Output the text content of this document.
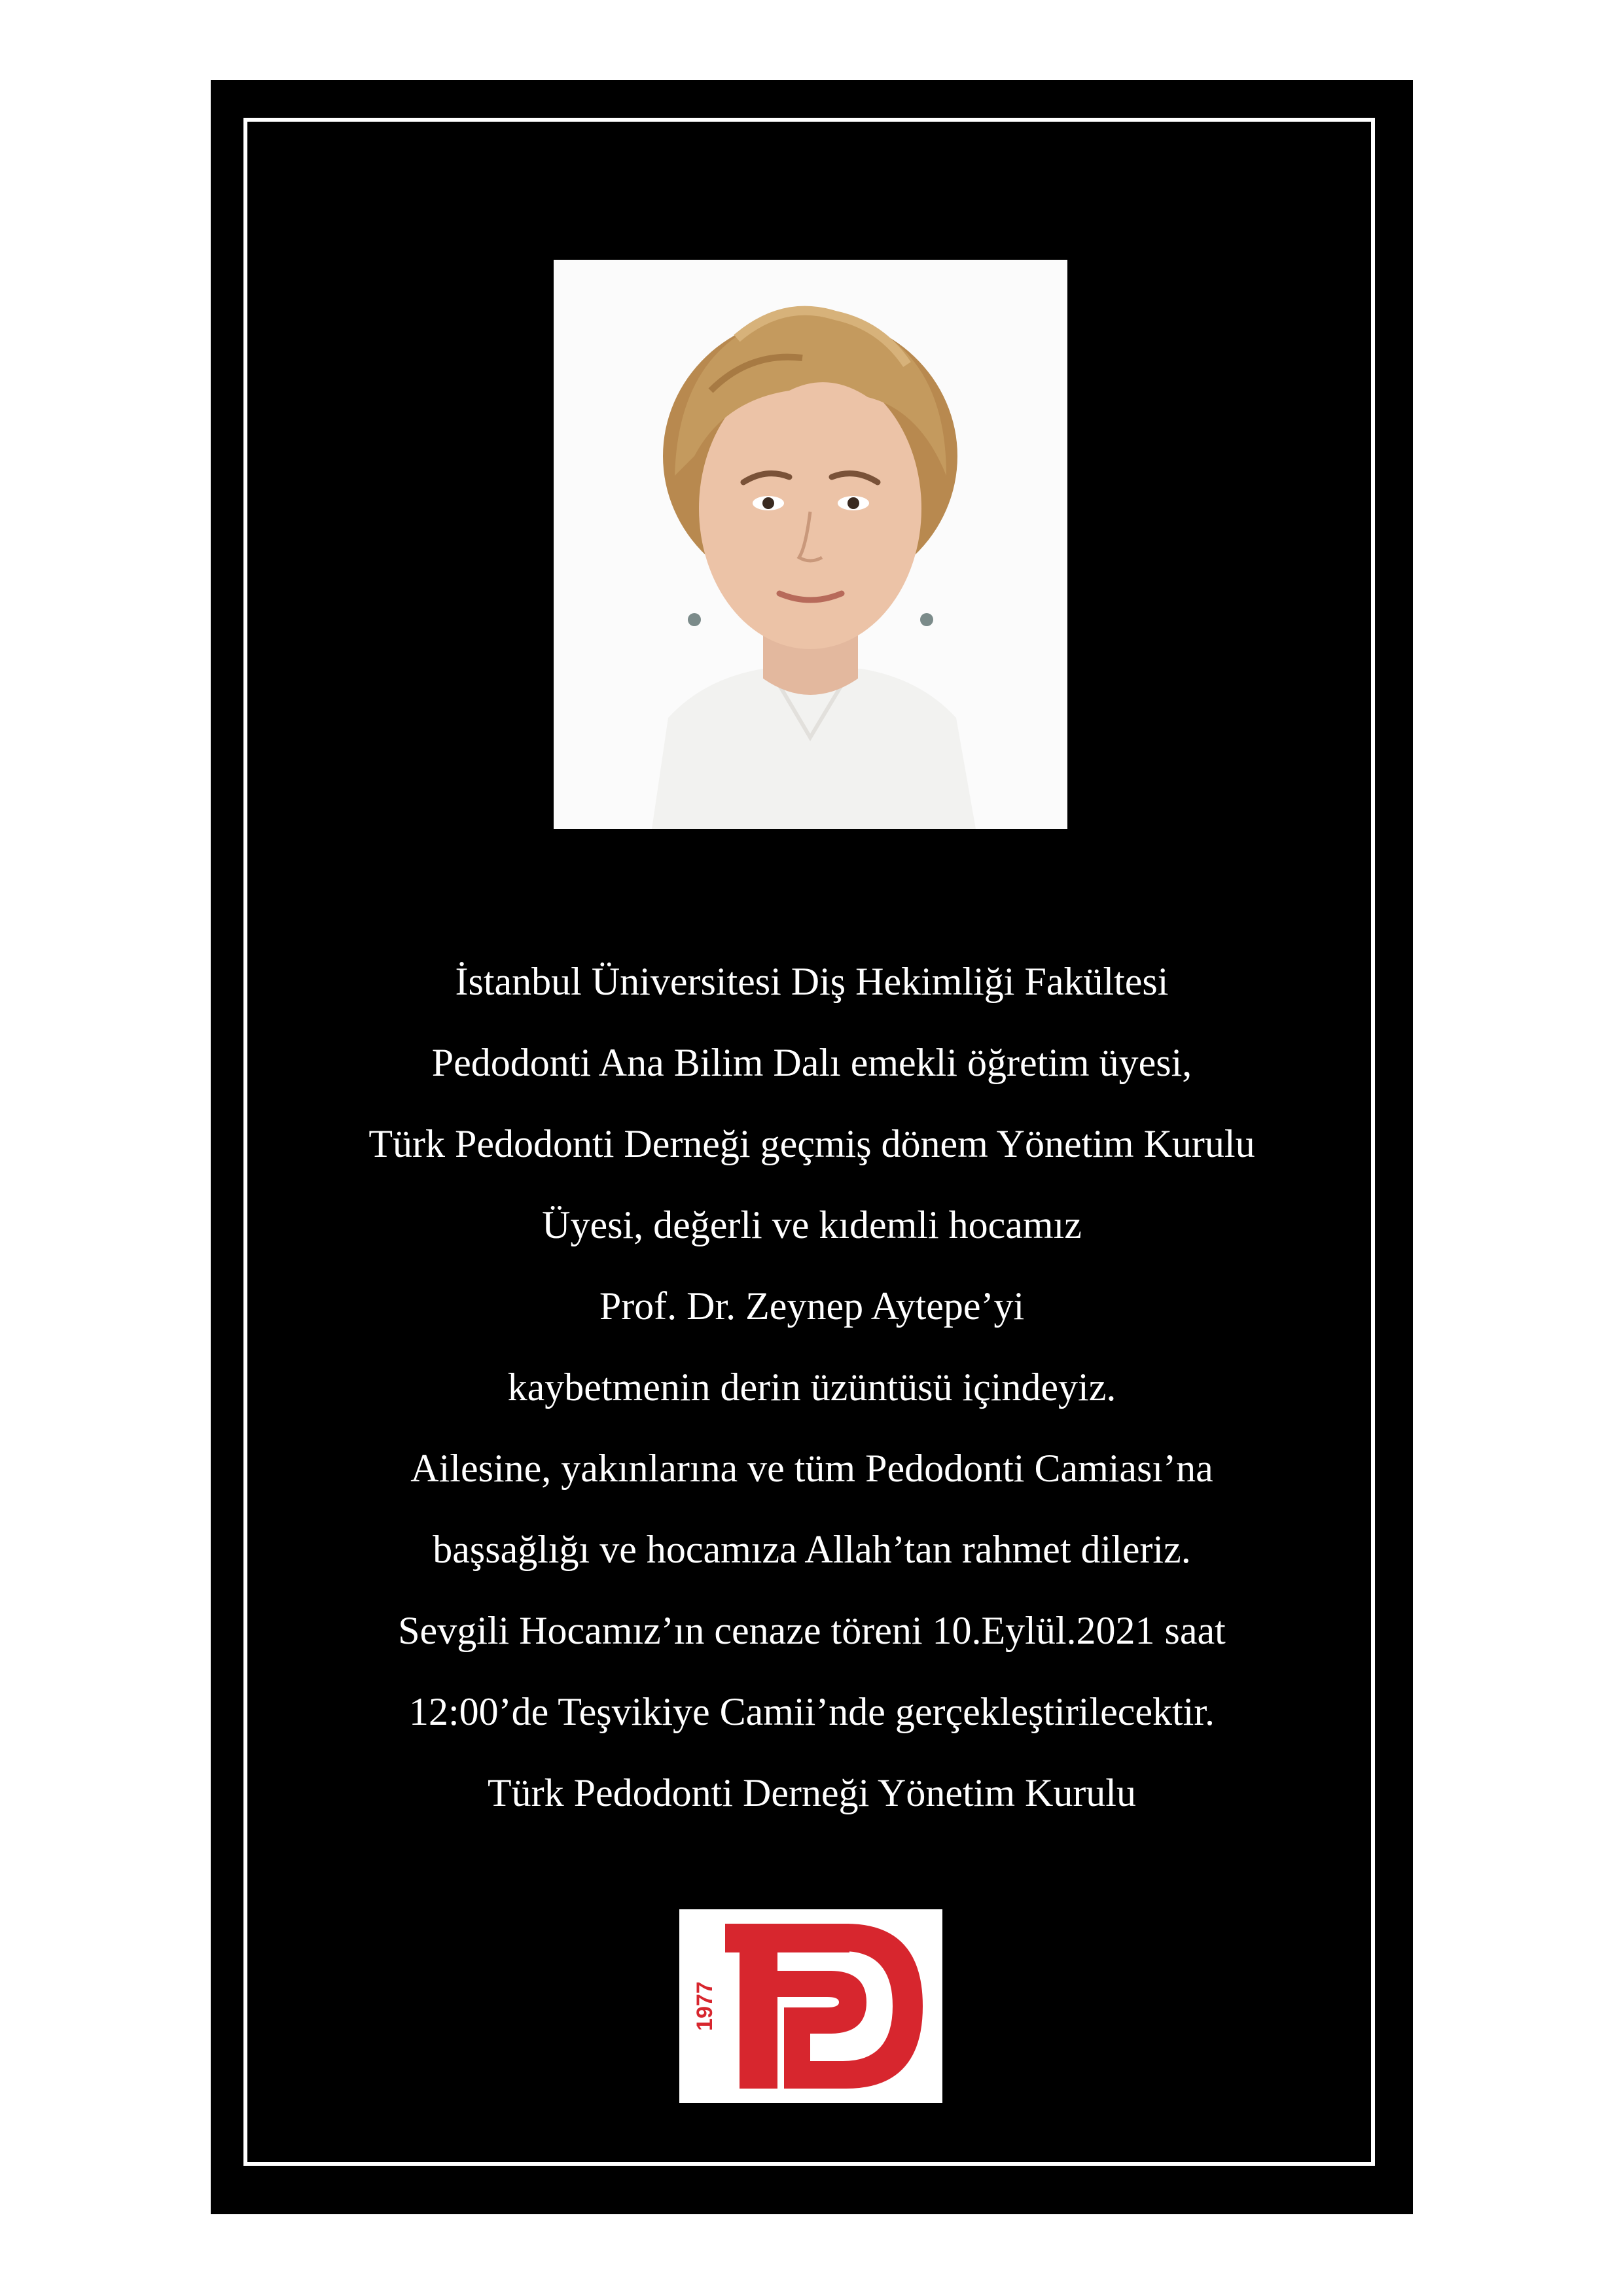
İstanbul Üniversitesi Diş Hekimliği Fakültesi
Pedodonti Ana Bilim Dalı emekli öğretim üyesi,
Türk Pedodonti Derneği geçmiş dönem Yönetim Kurulu
Üyesi, değerli ve kıdemli hocamız
Prof. Dr. Zeynep Aytepe’yi
kaybetmenin derin üzüntüsü içindeyiz.
Ailesine, yakınlarına ve tüm Pedodonti Camiası’na
başsağlığı ve hocamıza Allah’tan rahmet dileriz.
Sevgili Hocamız’ın cenaze töreni 10.Eylül.2021 saat
12:00’de Teşvikiye Camii’nde gerçekleştirilecektir.
Türk Pedodonti Derneği Yönetim Kurulu
1977
